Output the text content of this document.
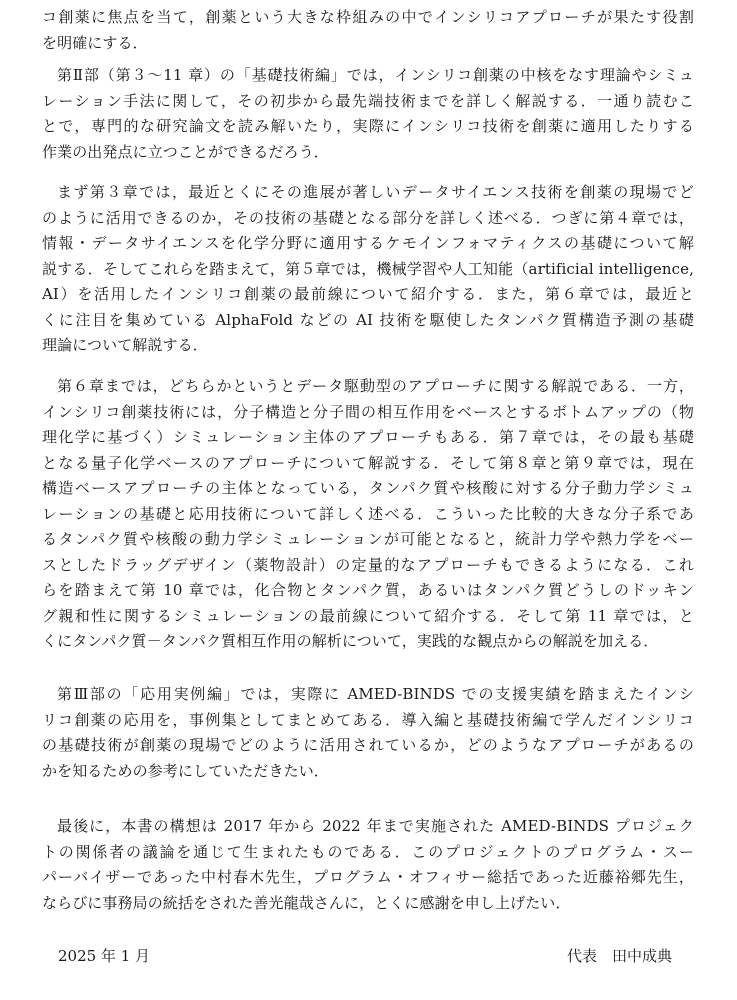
コ創薬に焦点を当て，創薬という大きな枠組みの中でインシリコアプローチが果たす役割
を明確にする．

第Ⅱ部（第３～11 章）の「基礎技術編」では，インシリコ創薬の中核をなす理論やシミュ
レーション手法に関して，その初歩から最先端技術までを詳しく解説する．一通り読むこ
とで，専門的な研究論文を読み解いたり，実際にインシリコ技術を創薬に適用したりする
作業の出発点に立つことができるだろう．

まず第３章では，最近とくにその進展が著しいデータサイエンス技術を創薬の現場でど
のように活用できるのか，その技術の基礎となる部分を詳しく述べる．つぎに第４章では，
情報・データサイエンスを化学分野に適用するケモインフォマティクスの基礎について解
説する．そしてこれらを踏まえて，第５章では，機械学習や人工知能（artificial intelligence,
AI）を活用したインシリコ創薬の最前線について紹介する．また，第６章では，最近と
くに注目を集めている AlphaFold などの AI 技術を駆使したタンパク質構造予測の基礎
理論について解説する．

第６章までは，どちらかというとデータ駆動型のアプローチに関する解説である．一方，
インシリコ創薬技術には，分子構造と分子間の相互作用をベースとするボトムアップの（物
理化学に基づく）シミュレーション主体のアプローチもある．第７章では，その最も基礎
となる量子化学ベースのアプローチについて解説する．そして第８章と第９章では，現在
構造ベースアプローチの主体となっている，タンパク質や核酸に対する分子動力学シミュ
レーションの基礎と応用技術について詳しく述べる．こういった比較的大きな分子系であ
るタンパク質や核酸の動力学シミュレーションが可能となると，統計力学や熱力学をベー
スとしたドラッグデザイン（薬物設計）の定量的なアプローチもできるようになる．これ
らを踏まえて第 10 章では，化合物とタンパク質，あるいはタンパク質どうしのドッキン
グ親和性に関するシミュレーションの最前線について紹介する．そして第 11 章では，と
くにタンパク質－タンパク質相互作用の解析について，実践的な観点からの解説を加える．

第Ⅲ部の「応用実例編」では，実際に AMED-BINDS での支援実績を踏まえたインシ
リコ創薬の応用を，事例集としてまとめてある．導入編と基礎技術編で学んだインシリコ
の基礎技術が創薬の現場でどのように活用されているか，どのようなアプローチがあるの
かを知るための参考にしていただきたい．

最後に，本書の構想は 2017 年から 2022 年まで実施された AMED-BINDS プロジェク
トの関係者の議論を通じて生まれたものである．このプロジェクトのプログラム・スー
パーバイザーであった中村春木先生，プログラム・オフィサー総括であった近藤裕郷先生，
ならびに事務局の統括をされた善光龍哉さんに，とくに感謝を申し上げたい．

2025 年 1 月	代表　田中成典
